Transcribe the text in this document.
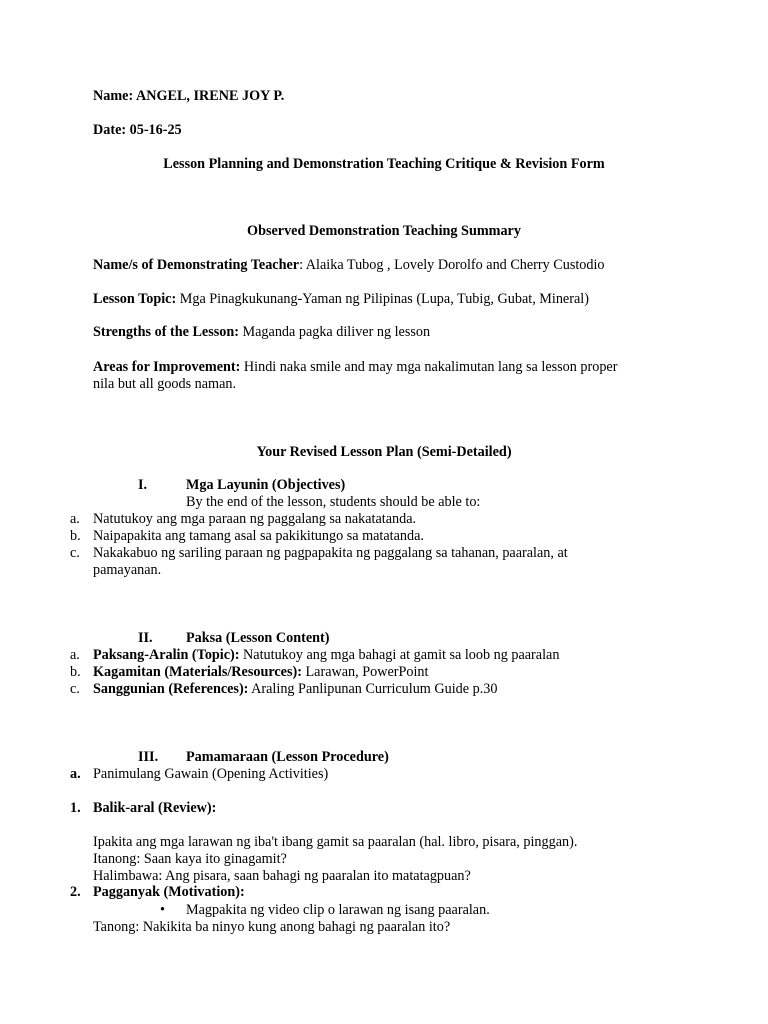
Name: ANGEL, IRENE JOY P.
Date: 05-16-25
Lesson Planning and Demonstration Teaching Critique & Revision Form
Observed Demonstration Teaching Summary
Name/s of Demonstrating Teacher: Alaika Tubog , Lovely Dorolfo and Cherry Custodio
Lesson Topic: Mga Pinagkukunang-Yaman ng Pilipinas (Lupa, Tubig, Gubat, Mineral)
Strengths of the Lesson: Maganda pagka diliver ng lesson
Areas for Improvement: Hindi naka smile and may mga nakalimutan lang sa lesson proper
nila but all goods naman.
Your Revised Lesson Plan (Semi-Detailed)
I.	Mga Layunin (Objectives)
By the end of the lesson, students should be able to:
a. Natutukoy ang mga paraan ng paggalang sa nakatatanda.
b. Naipapakita ang tamang asal sa pakikitungo sa matatanda.
c. Nakakabuo ng sariling paraan ng pagpapakita ng paggalang sa tahanan, paaralan, at
pamayanan.
II. Paksa (Lesson Content)
a. Paksang-Aralin (Topic): Natutukoy ang mga bahagi at gamit sa loob ng paaralan
b. Kagamitan (Materials/Resources): Larawan, PowerPoint
c. Sanggunian (References): Araling Panlipunan Curriculum Guide p.30
III. Pamamaraan (Lesson Procedure)
a. Panimulang Gawain (Opening Activities)
1. Balik-aral (Review):
Ipakita ang mga larawan ng iba't ibang gamit sa paaralan (hal. libro, pisara, pinggan).
Itanong: Saan kaya ito ginagamit?
Halimbawa: Ang pisara, saan bahagi ng paaralan ito matatagpuan?
2. Pagganyak (Motivation):
• Magpakita ng video clip o larawan ng isang paaralan.
Tanong: Nakikita ba ninyo kung anong bahagi ng paaralan ito?
